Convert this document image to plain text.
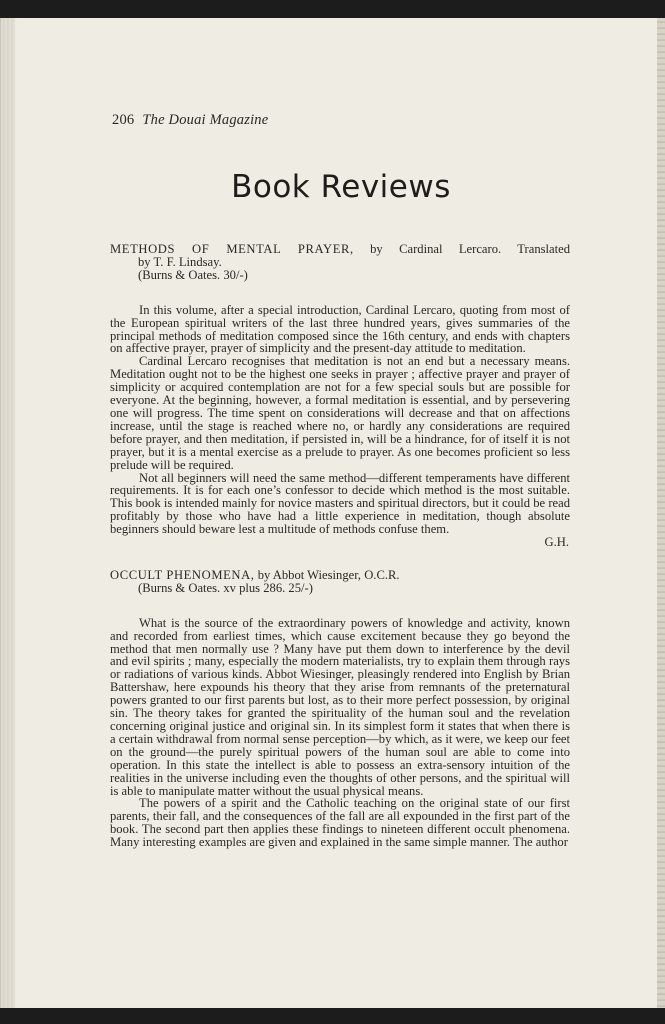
206 The Douai Magazine
Book Reviews

METHODS OF MENTAL PRAYER, by Cardinal Lercaro. Translated

by T. F. Lindsay.

(Burns & Oates. 30/-)

In this volume, after a special introduction, Cardinal Lercaro, quoting from most of the European spiritual writers of the last three hundred years, gives summaries of the principal methods of meditation composed since the 16th century, and ends with chapters on affective prayer, prayer of simplicity and the present-day attitude to meditation.

Cardinal Lercaro recognises that meditation is not an end but a necessary means. Meditation ought not to be the highest one seeks in prayer ; affective prayer and prayer of simplicity or acquired contemplation are not for a few special souls but are possible for everyone. At the beginning, however, a formal meditation is essential, and by persevering one will progress. The time spent on considerations will decrease and that on affections increase, until the stage is reached where no, or hardly any considerations are required before prayer, and then meditation, if persisted in, will be a hindrance, for of itself it is not prayer, but it is a mental exercise as a prelude to prayer. As one becomes proficient so less prelude will be required.

Not all beginners will need the same method—different temperaments have different requirements. It is for each one’s confessor to decide which method is the most suitable. This book is intended mainly for novice masters and spiritual directors, but it could be read profitably by those who have had a little experience in meditation, though absolute beginners should beware lest a multitude of methods confuse them.

G.H.

OCCULT PHENOMENA, by Abbot Wiesinger, O.C.R.

(Burns & Oates. xv plus 286. 25/-)

What is the source of the extraordinary powers of knowledge and activity, known and recorded from earliest times, which cause excitement because they go beyond the method that men normally use ? Many have put them down to interference by the devil and evil spirits ; many, especially the modern materialists, try to explain them through rays or radiations of various kinds. Abbot Wiesinger, pleasingly rendered into English by Brian Battershaw, here expounds his theory that they arise from remnants of the preternatural powers granted to our first parents but lost, as to their more perfect possession, by original sin. The theory takes for granted the spirituality of the human soul and the revelation concerning original justice and original sin. In its simplest form it states that when there is a certain withdrawal from normal sense perception—by which, as it were, we keep our feet on the ground—the purely spiritual powers of the human soul are able to come into operation. In this state the intellect is able to possess an extra-sensory intuition of the realities in the universe including even the thoughts of other persons, and the spiritual will is able to manipulate matter without the usual physical means.

The powers of a spirit and the Catholic teaching on the original state of our first parents, their fall, and the consequences of the fall are all expounded in the first part of the book. The second part then applies these findings to nineteen different occult phenomena. Many interesting examples are given and explained in the same simple manner. The author
